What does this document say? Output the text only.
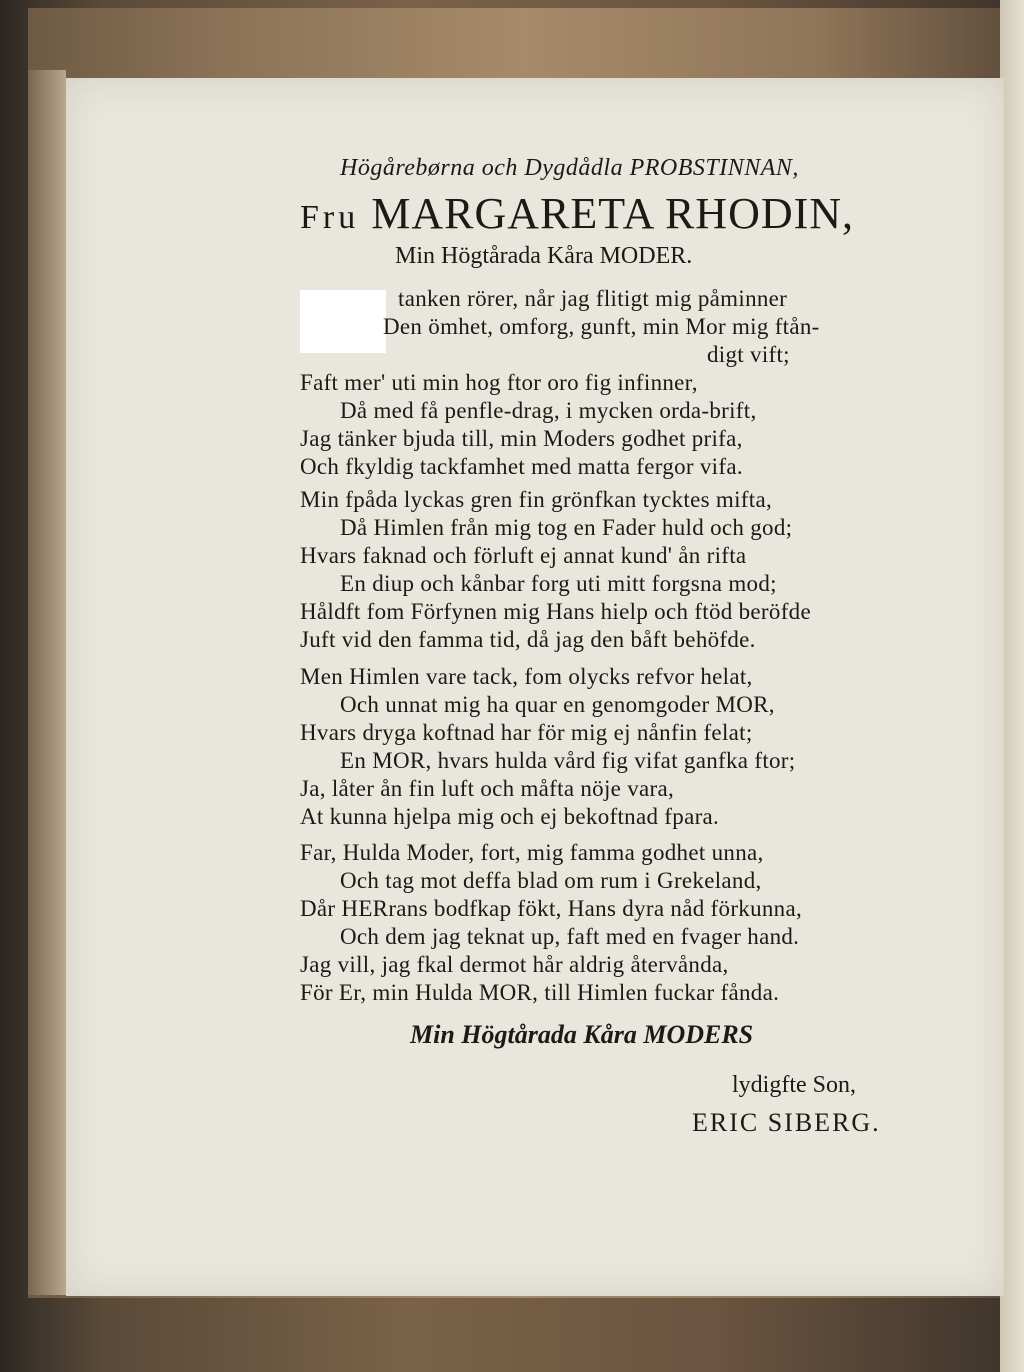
Högårebørna och Dygdådla PROBSTINNAN,
Fru MARGARETA RHODIN,
Min Högtårada Kåra MODER.
tanken rörer, når jag flitigt mig påminner
Den ömhet, omforg, gunft, min Mor mig ftån-
digt vift;
Faft mer' uti min hog ftor oro fig infinner,
Då med få penfle-drag, i mycken orda-brift,
Jag tänker bjuda till, min Moders godhet prifa,
Och fkyldig tackfamhet med matta fergor vifa.
Min fpåda lyckas gren fin grönfkan tycktes mifta,
Då Himlen från mig tog en Fader huld och god;
Hvars faknad och förluft ej annat kund' ån rifta
En diup och kånbar forg uti mitt forgsna mod;
Håldft fom Förfynen mig Hans hielp och ftöd beröfde
Juft vid den famma tid, då jag den båft behöfde.
Men Himlen vare tack, fom olycks refvor helat,
Och unnat mig ha quar en genomgoder MOR,
Hvars dryga koftnad har för mig ej nånfin felat;
En MOR, hvars hulda vård fig vifat ganfka ftor;
Ja, låter ån fin luft och måfta nöje vara,
At kunna hjelpa mig och ej bekoftnad fpara.
Far, Hulda Moder, fort, mig famma godhet unna,
Och tag mot deffa blad om rum i Grekeland,
Dår HERrans bodfkap fökt, Hans dyra nåd förkunna,
Och dem jag teknat up, faft med en fvager hand.
Jag vill, jag fkal dermot hår aldrig återvånda,
För Er, min Hulda MOR, till Himlen fuckar fånda.
Min Högtårada Kåra MODERS
lydigfte Son,
ERIC SIBERG.
